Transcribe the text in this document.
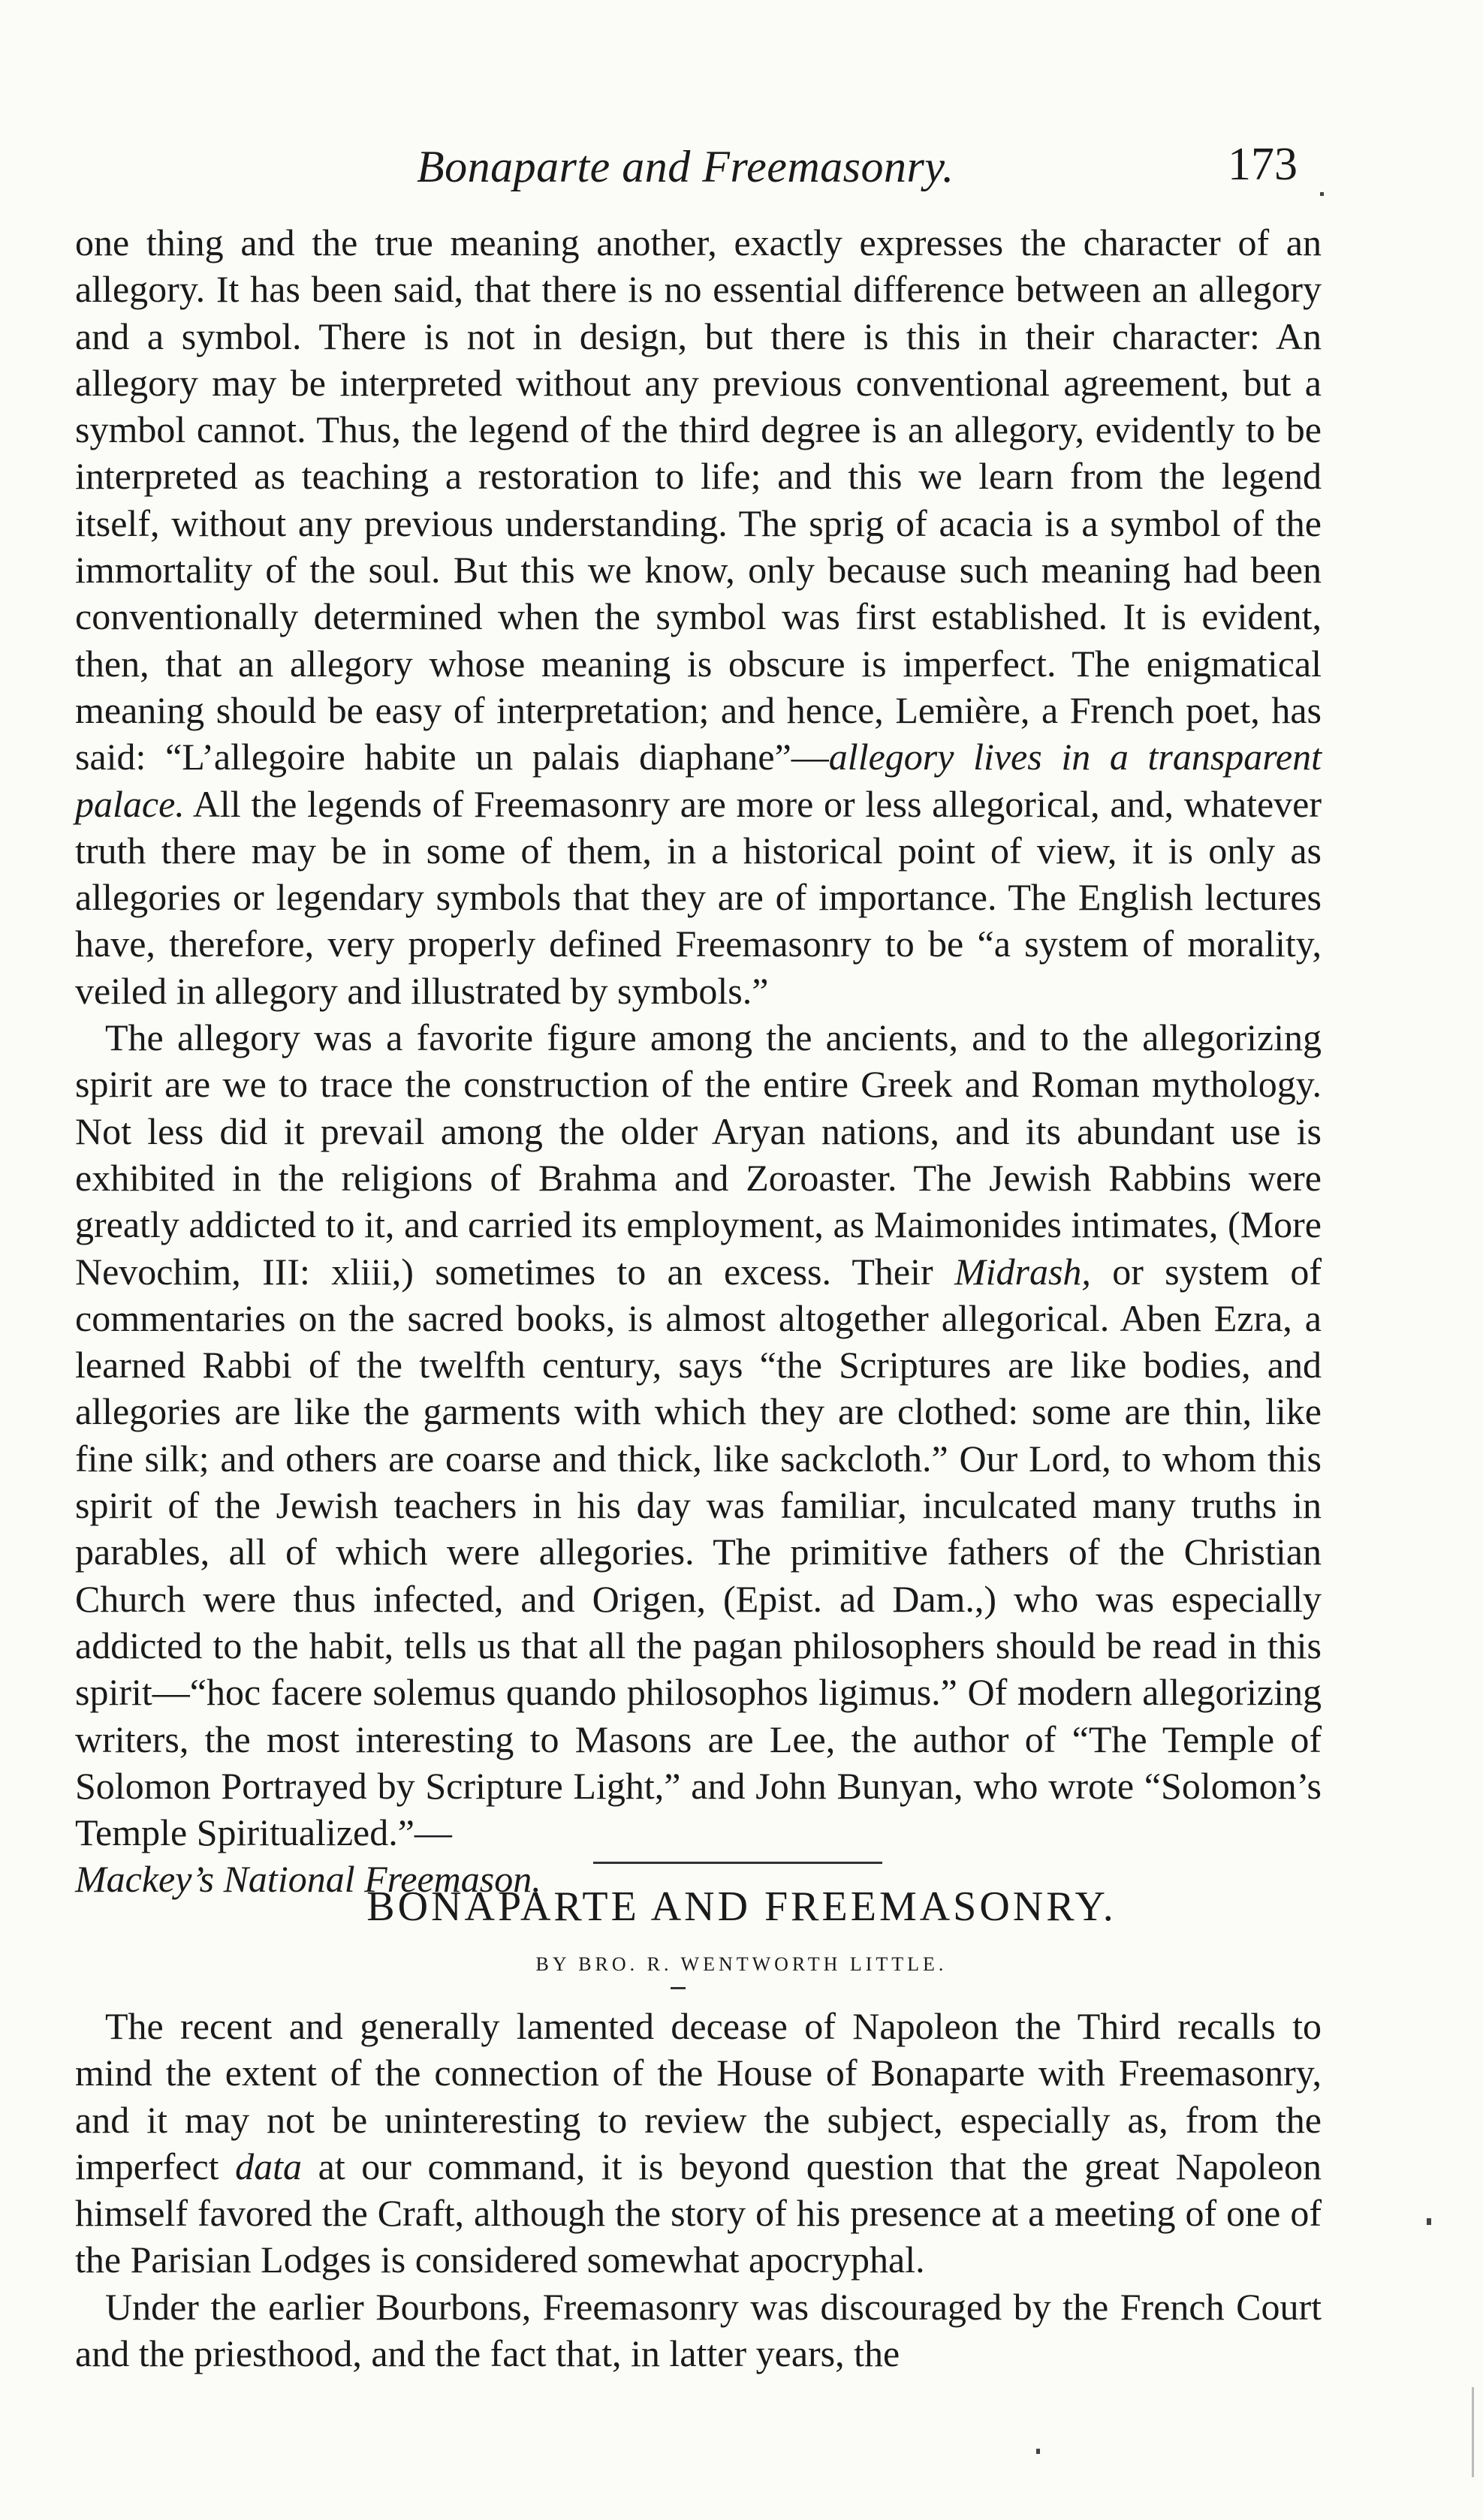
Bonaparte and Freemasonry.	173

one thing and the true meaning another, exactly expresses the character of an allegory. It has been said, that there is no essential difference between an allegory and a symbol. There is not in design, but there is this in their character: An allegory may be interpreted without any previous conventional agreement, but a symbol cannot. Thus, the legend of the third degree is an allegory, evidently to be interpreted as teaching a restoration to life; and this we learn from the legend itself, without any previous understanding. The sprig of acacia is a symbol of the immortality of the soul. But this we know, only because such meaning had been conventionally determined when the symbol was first established. It is evident, then, that an allegory whose meaning is obscure is imperfect. The enigmatical meaning should be easy of interpretation; and hence, Lemière, a French poet, has said: “L’allegoire habite un palais diaphane”—allegory lives in a transparent palace. All the legends of Freemasonry are more or less allegorical, and, whatever truth there may be in some of them, in a historical point of view, it is only as allegories or legendary symbols that they are of importance. The English lectures have, therefore, very properly defined Freemasonry to be “a system of morality, veiled in allegory and illustrated by symbols.”

The allegory was a favorite figure among the ancients, and to the allegorizing spirit are we to trace the construction of the entire Greek and Roman mythology. Not less did it prevail among the older Aryan nations, and its abundant use is exhibited in the religions of Brahma and Zoroaster. The Jewish Rabbins were greatly addicted to it, and carried its employment, as Maimonides intimates, (More Nevochim, III: xliii,) sometimes to an excess. Their Midrash, or system of commentaries on the sacred books, is almost altogether allegorical. Aben Ezra, a learned Rabbi of the twelfth century, says “the Scriptures are like bodies, and allegories are like the garments with which they are clothed: some are thin, like fine silk; and others are coarse and thick, like sackcloth.” Our Lord, to whom this spirit of the Jewish teachers in his day was familiar, inculcated many truths in parables, all of which were allegories. The primitive fathers of the Christian Church were thus infected, and Origen, (Epist. ad Dam.,) who was especially addicted to the habit, tells us that all the pagan philosophers should be read in this spirit—“hoc facere solemus quando philosophos ligimus.” Of modern allegorizing writers, the most interesting to Masons are Lee, the author of “The Temple of Solomon Portrayed by Scripture Light,” and John Bunyan, who wrote “Solomon’s Temple Spiritualized.”—
Mackey’s National Freemason.

BONAPARTE AND FREEMASONRY.
BY BRO. R. WENTWORTH LITTLE.

The recent and generally lamented decease of Napoleon the Third recalls to mind the extent of the connection of the House of Bonaparte with Freemasonry, and it may not be uninteresting to review the subject, especially as, from the imperfect data at our command, it is beyond question that the great Napoleon himself favored the Craft, although the story of his presence at a meeting of one of the Parisian Lodges is considered somewhat apocryphal.

Under the earlier Bourbons, Freemasonry was discouraged by the French Court and the priesthood, and the fact that, in latter years, the
